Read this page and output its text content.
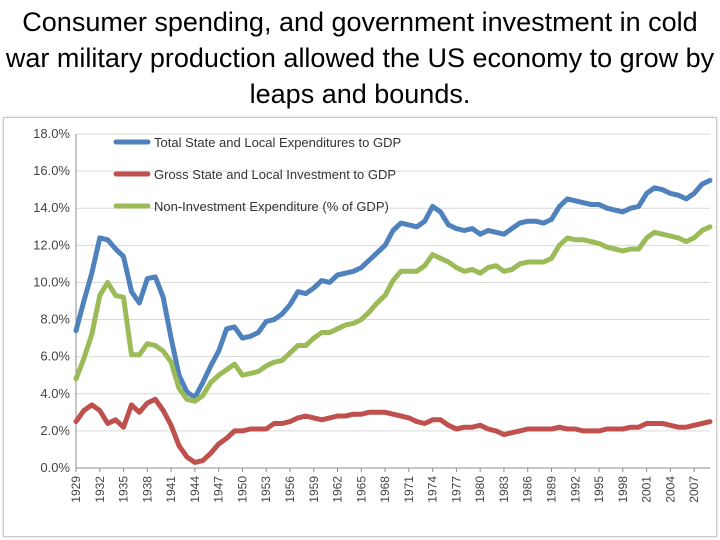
Consumer spending, and government investment in cold war military production allowed the US economy to grow by leaps and bounds.
0.0%
2.0%
4.0%
6.0%
8.0%
10.0%
12.0%
14.0%
16.0%
18.0%
1929 1932 1935 1938 1941 1944 1947 1950 1953 1956 1959 1962 1965 1968 1971 1974 1977 1980 1983 1986 1989 1992 1995 1998 2001 2004 2007
Total State and Local Expenditures to GDP
Gross State and Local Investment to GDP
Non-Investment Expenditure (% of GDP)
